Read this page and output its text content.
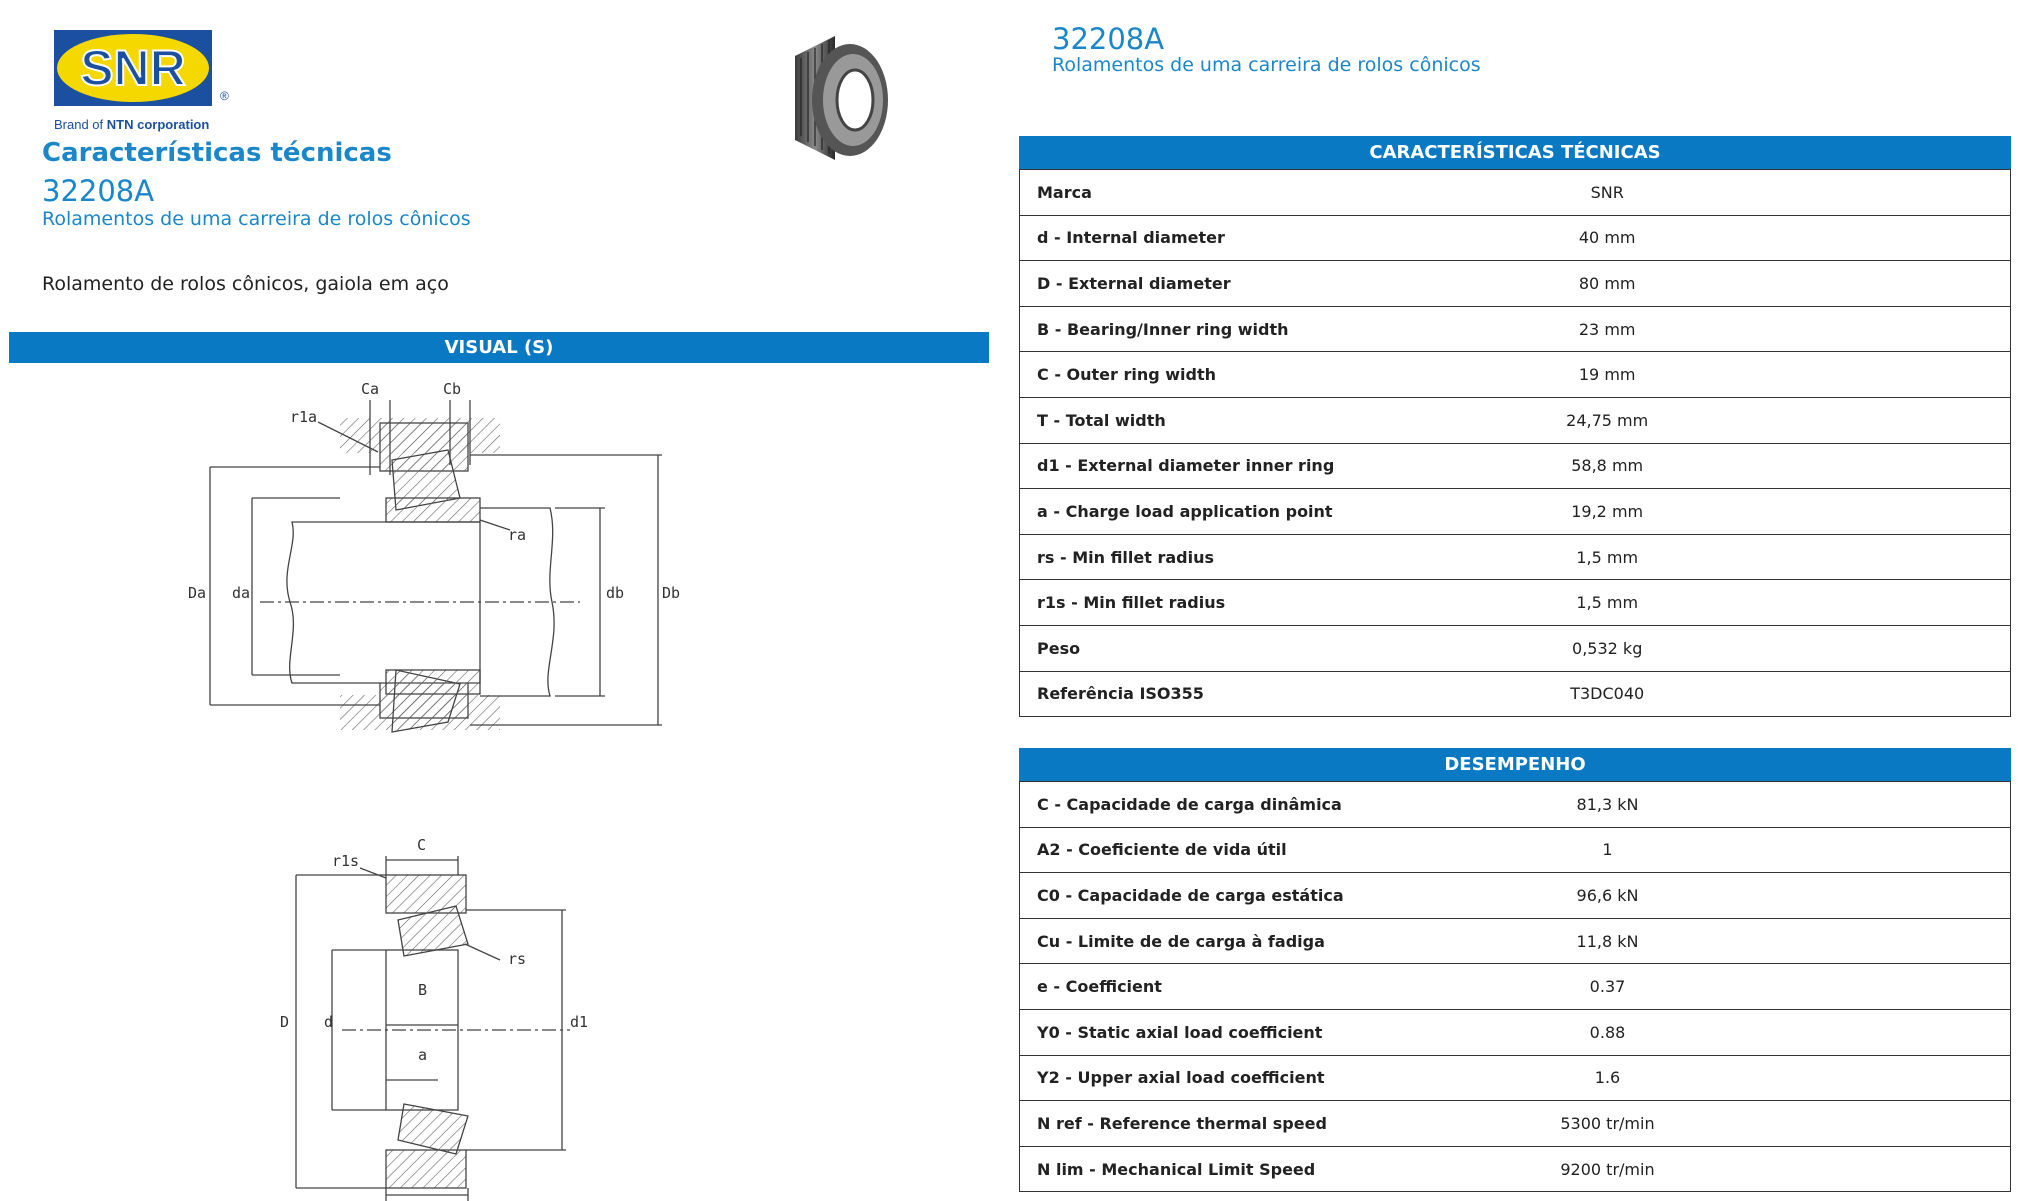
SNR	®
Brand of NTN corporation
Características técnicas
32208A
Rolamentos de uma carreira de rolos cônicos
Rolamento de rolos cônicos, gaiola em aço
32208A
Rolamentos de uma carreira de rolos cônicos
VISUAL (S)
Ca	Cb
r1a
ra
Da da	db	Db
C
r1s
rs
D d
B
a
d1
CARACTERÍSTICAS TÉCNICAS
Marca	SNR
d - Internal diameter	40 mm
D - External diameter	80 mm
B - Bearing/Inner ring width	23 mm
C - Outer ring width	19 mm
T - Total width	24,75 mm
d1 - External diameter inner ring	58,8 mm
a - Charge load application point	19,2 mm
rs - Min fillet radius	1,5 mm
r1s - Min fillet radius	1,5 mm
Peso	0,532 kg
Referência ISO355	T3DC040
DESEMPENHO
C - Capacidade de carga dinâmica	81,3 kN
A2 - Coeficiente de vida útil	1
C0 - Capacidade de carga estática	96,6 kN
Cu - Limite de de carga à fadiga	11,8 kN
e - Coefficient	0.37
Y0 - Static axial load coefficient	0.88
Y2 - Upper axial load coefficient	1.6
N ref - Reference thermal speed	5300 tr/min
N lim - Mechanical Limit Speed	9200 tr/min
